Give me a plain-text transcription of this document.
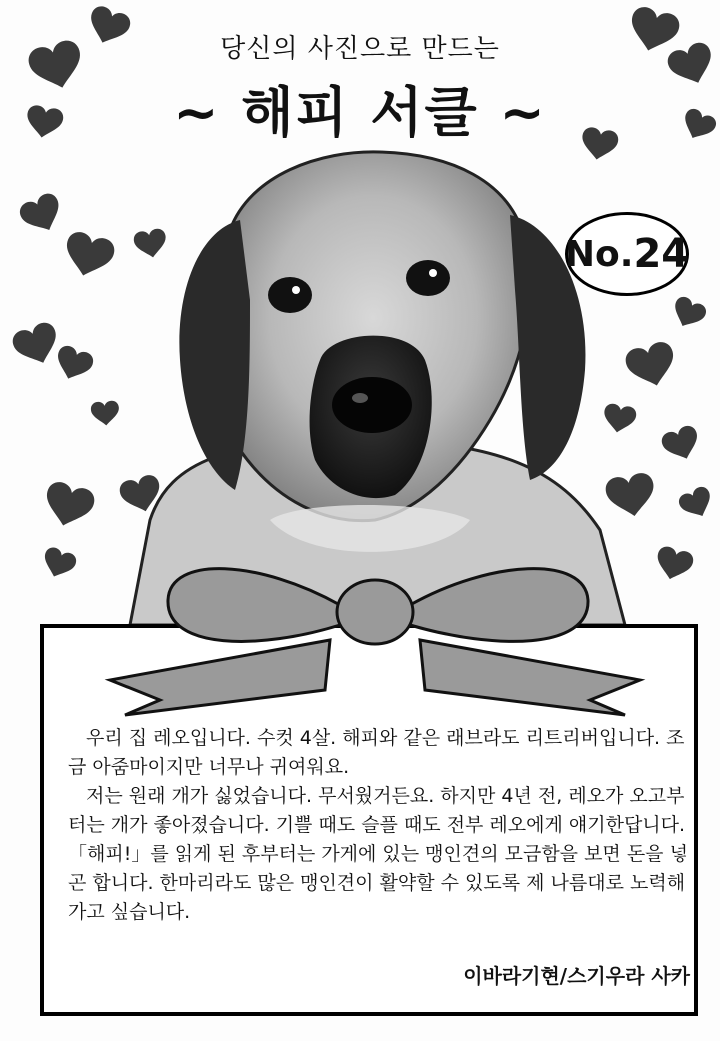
당신의 사진으로 만드는
~ 해피 서클 ~
No. 24

우리 집 레오입니다. 수컷 4살. 해피와 같은 래브라도 리트리버입니다. 조금 아줌마이지만 너무나 귀여워요.

저는 원래 개가 싫었습니다. 무서웠거든요. 하지만 4년 전, 레오가 오고부터는 개가 좋아졌습니다. 기쁠 때도 슬플 때도 전부 레오에게 얘기한답니다.

「해피!」를 읽게 된 후부터는 가게에 있는 맹인견의 모금함을 보면 돈을 넣곤 합니다. 한마리라도 많은 맹인견이 활약할 수 있도록 제 나름대로 노력해가고 싶습니다.

이바라기현/스기우라 사카
